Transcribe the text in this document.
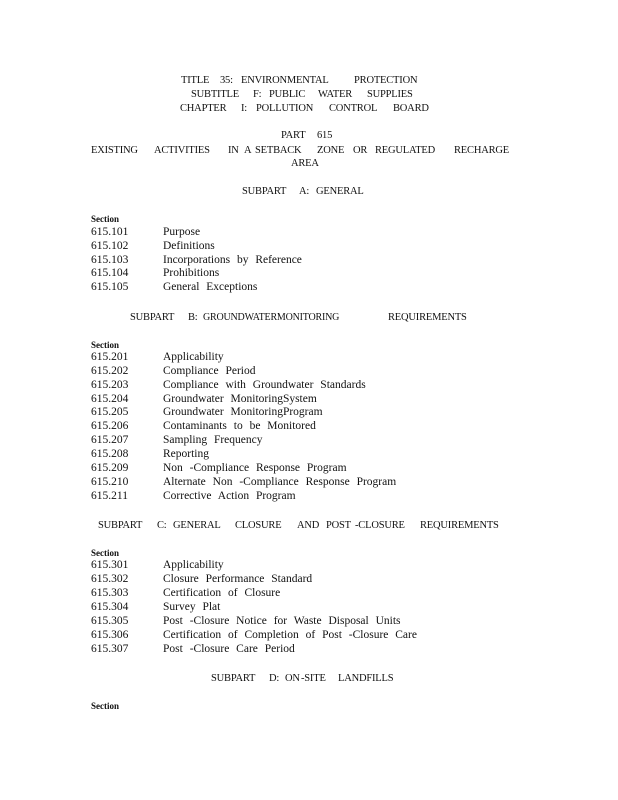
TITLE 35: ENVIRONMENTAL PROTECTION
SUBTITLE F: PUBLIC WATER SUPPLIES
CHAPTER I: POLLUTION CONTROL BOARD
PART 615
EXISTING ACTIVITIES IN A SETBACK ZONE OR REGULATED RECHARGE
AREA
SUBPART A: GENERAL
Section
615.101	Purpose
615.102	Definitions
615.103	Incorporations by Reference
615.104	Prohibitions
615.105	General Exceptions
SUBPART B: GROUNDWATERMONITORING	REQUIREMENTS
Section
615.201	Applicability
615.202	Compliance Period
615.203	Compliance with Groundwater Standards
615.204	Groundwater MonitoringSystem
615.205	Groundwater MonitoringProgram
615.206	Contaminants to be Monitored
615.207	Sampling Frequency
615.208	Reporting
615.209	Non -Compliance Response Program
615.210	Alternate Non -Compliance Response Program
615.211	Corrective Action Program
SUBPART C: GENERAL CLOSURE AND POST -CLOSURE REQUIREMENTS
Section
615.301	Applicability
615.302	Closure Performance Standard
615.303	Certification of Closure
615.304	Survey Plat
615.305	Post -Closure Notice for Waste Disposal Units
615.306	Certification of Completion of Post -Closure Care
615.307	Post -Closure Care Period
SUBPART D: ON -SITE LANDFILLS
Section
